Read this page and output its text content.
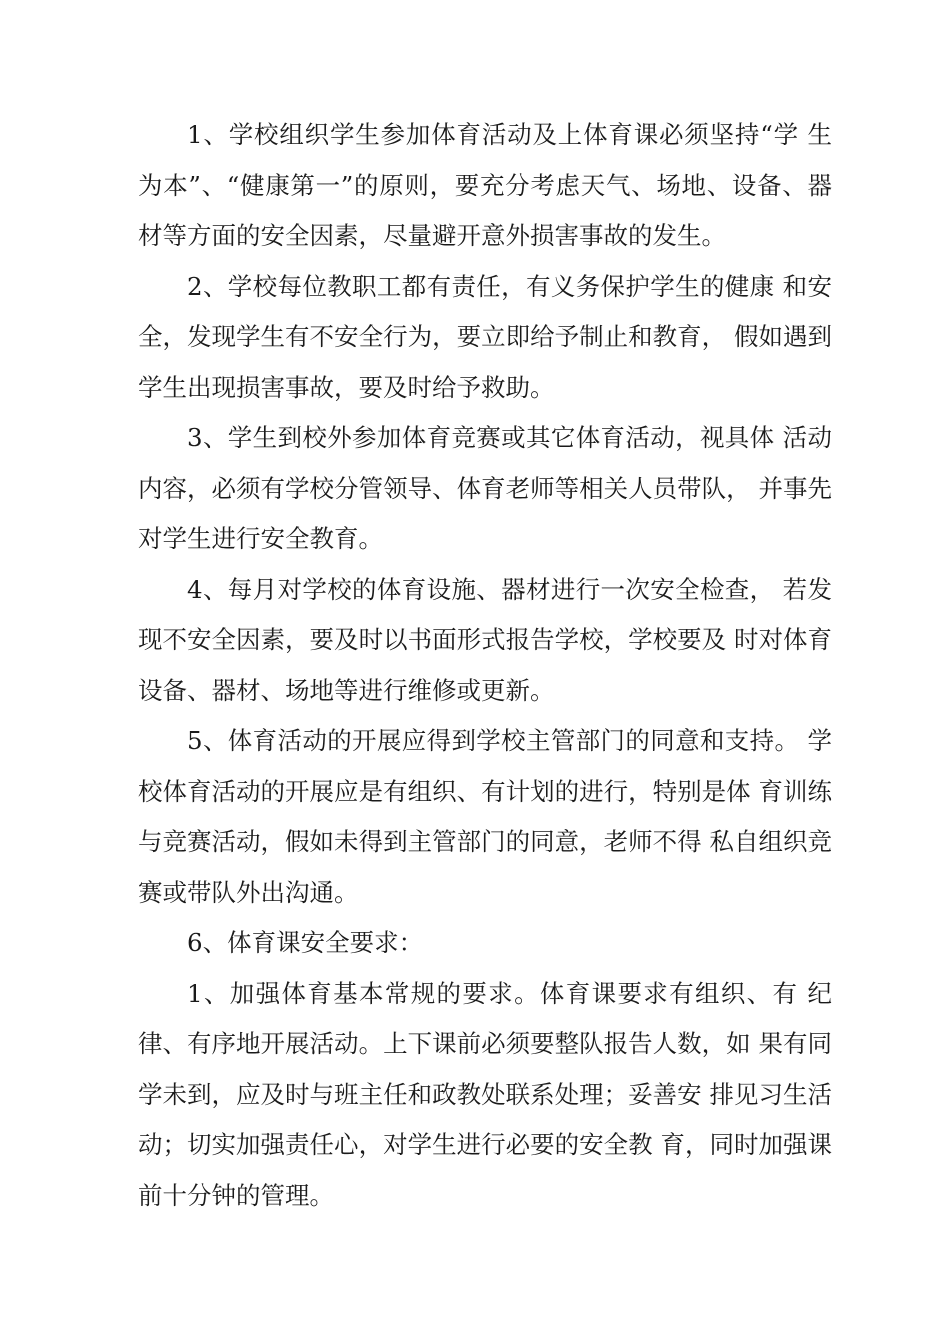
1、学校组织学生参加体育活动及上体育课必须坚持“学 生为本”、“健康第一”的原则，要充分考虑天气、场地、设备、器材等方面的安全因素，尽量避开意外损害事故的发生。

2、学校每位教职工都有责任，有义务保护学生的健康 和安全，发现学生有不安全行为，要立即给予制止和教育， 假如遇到学生出现损害事故，要及时给予救助。

3、学生到校外参加体育竞赛或其它体育活动，视具体 活动内容，必须有学校分管领导、体育老师等相关人员带队， 并事先对学生进行安全教育。

4、每月对学校的体育设施、器材进行一次安全检查， 若发现不安全因素，要及时以书面形式报告学校，学校要及 时对体育设备、器材、场地等进行维修或更新。

5、体育活动的开展应得到学校主管部门的同意和支持。 学校体育活动的开展应是有组织、有计划的进行，特别是体 育训练与竞赛活动，假如未得到主管部门的同意，老师不得 私自组织竞赛或带队外出沟通。

6、体育课安全要求：

1、加强体育基本常规的要求。体育课要求有组织、有 纪律、有序地开展活动。上下课前必须要整队报告人数，如 果有同学未到，应及时与班主任和政教处联系处理；妥善安 排见习生活动；切实加强责任心，对学生进行必要的安全教 育，同时加强课前十分钟的管理。
